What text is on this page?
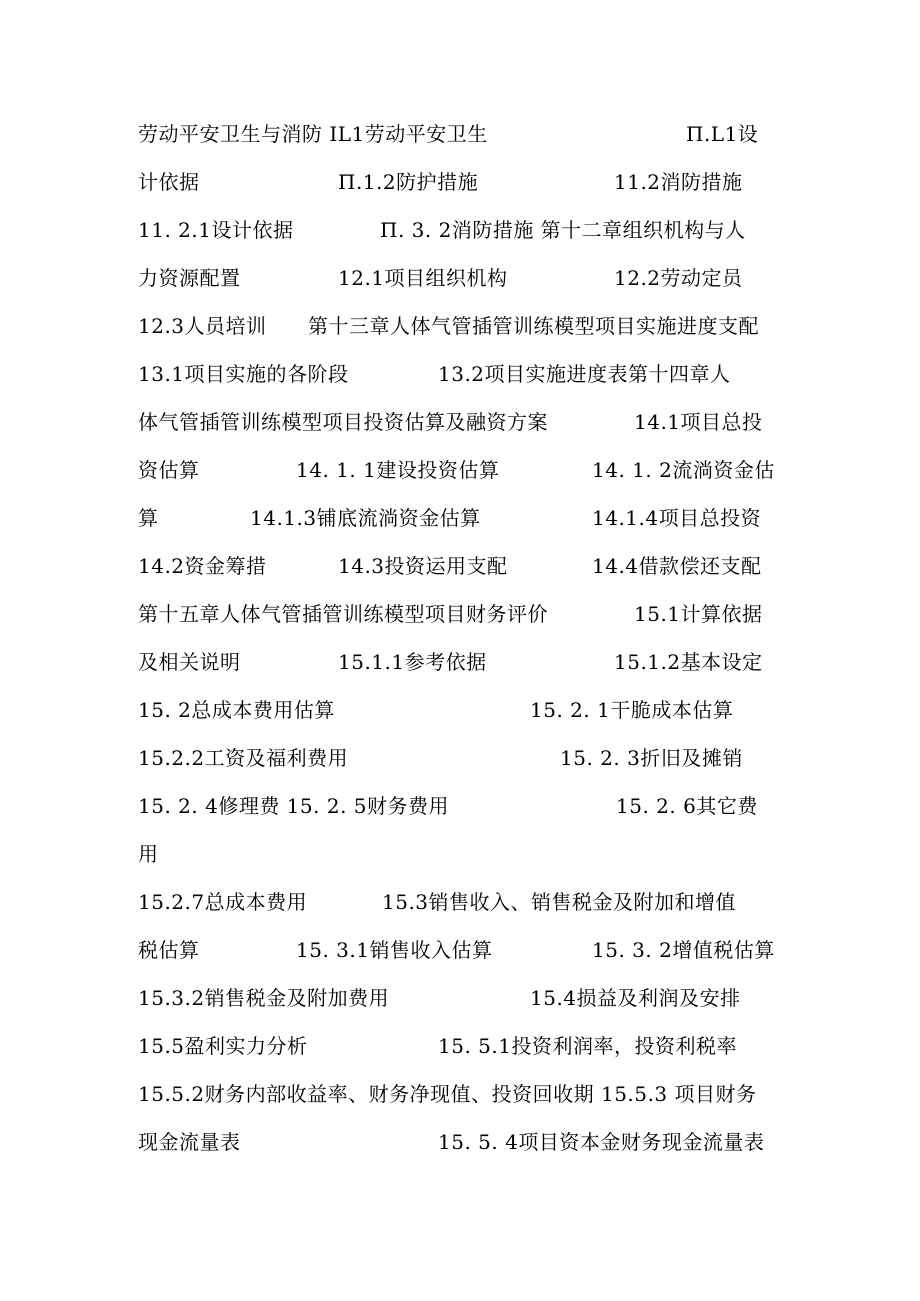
劳动平安卫生与消防 IL1劳动平安卫生	Π.L1设
计依据	Π.1.2防护措施	11.2消防措施
11. 2.1设计依据	Π. 3. 2消防措施 第十二章组织机构与人
力资源配置	12.1项目组织机构	12.2劳动定员
12.3人员培训 第十三章人体气管插管训练模型项目实施进度支配
13.1项目实施的各阶段	13.2项目实施进度表第十四章人
体气管插管训练模型项目投资估算及融资方案	14.1项目总投
资估算	14. 1. 1建设投资估算	14. 1. 2流淌资金估
算	14.1.3铺底流淌资金估算	14.1.4项目总投资
14.2资金筹措	14.3投资运用支配	14.4借款偿还支配
第十五章人体气管插管训练模型项目财务评价	15.1计算依据
及相关说明	15.1.1参考依据	15.1.2基本设定
15. 2总成本费用估算	15. 2. 1干脆成本估算
15.2.2工资及福利费用	15. 2. 3折旧及摊销
15. 2. 4修理费 15. 2. 5财务费用	15. 2. 6其它费
用
15.2.7总成本费用	15.3销售收入、销售税金及附加和增值
税估算	15. 3.1销售收入估算	15. 3. 2增值税估算
15.3.2销售税金及附加费用	15.4损益及利润及安排
15.5盈利实力分析	15. 5.1投资利润率，投资利税率
15.5.2财务内部收益率、财务净现值、投资回收期 15.5.3 项目财务
现金流量表	15. 5. 4项目资本金财务现金流量表
